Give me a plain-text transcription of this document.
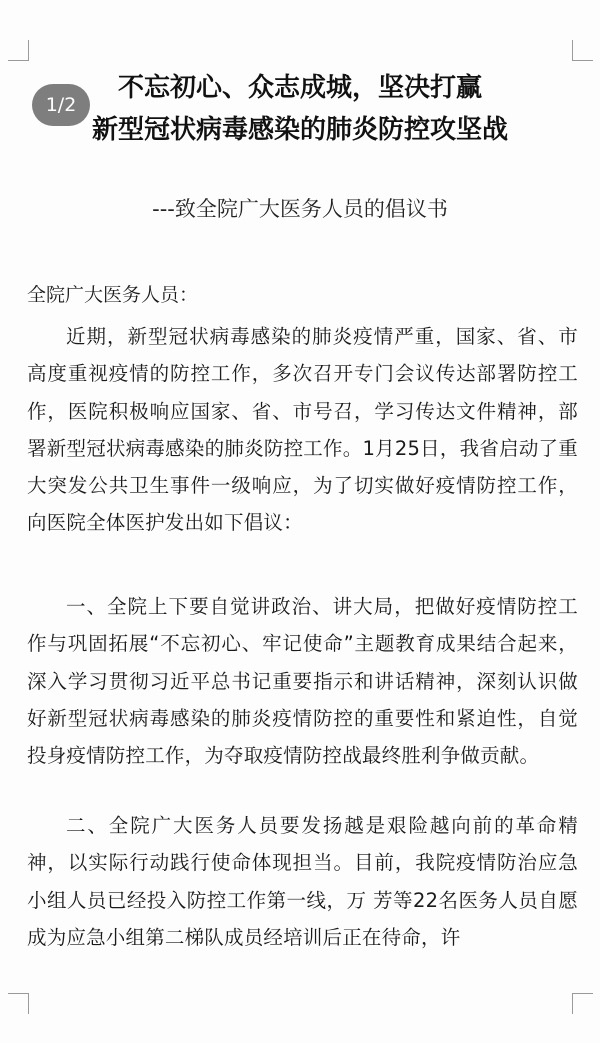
不忘初心、众志成城，坚决打赢
新型冠状病毒感染的肺炎防控攻坚战
1/2
---致全院广大医务人员的倡议书
全院广大医务人员：
近期，新型冠状病毒感染的肺炎疫情严重，国家、省、市高度重视疫情的防控工作，多次召开专门会议传达部署防控工作，医院积极响应国家、省、市号召，学习传达文件精神，部署新型冠状病毒感染的肺炎防控工作。1月25日，我省启动了重大突发公共卫生事件一级响应，为了切实做好疫情防控工作，向医院全体医护发出如下倡议：
一、全院上下要自觉讲政治、讲大局，把做好疫情防控工作与巩固拓展“不忘初心、牢记使命”主题教育成果结合起来，深入学习贯彻习近平总书记重要指示和讲话精神，深刻认识做好新型冠状病毒感染的肺炎疫情防控的重要性和紧迫性，自觉投身疫情防控工作，为夺取疫情防控战最终胜利争做贡献。
二、全院广大医务人员要发扬越是艰险越向前的革命精神，以实际行动践行使命体现担当。目前，我院疫情防治应急小组人员已经投入防控工作第一线，万 芳等22名医务人员自愿成为应急小组第二梯队成员经培训后正在待命，许
